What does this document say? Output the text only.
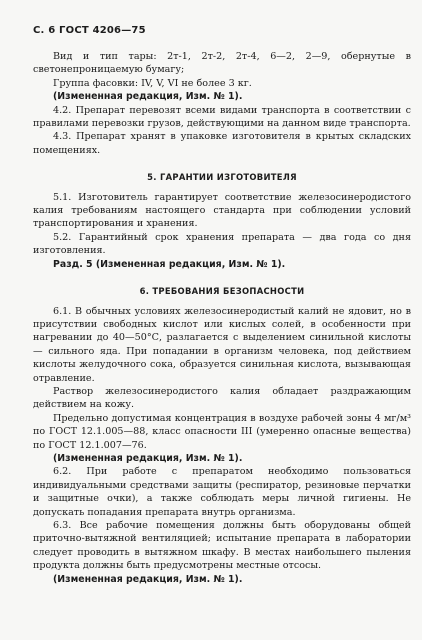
С. 6 ГОСТ 4206—75

Вид и тип тары: 2т-1, 2т-2, 2т-4, 6—2, 2—9, обернутые в светонепроницаемую бумагу;

Группа фасовки: IV, V, VI не более 3 кг.

(Измененная редакция, Изм. № 1).

4.2. Препарат перевозят всеми видами транспорта в соответствии с правилами перевозки грузов, действующими на данном виде транспорта.

4.3. Препарат хранят в упаковке изготовителя в крытых складских помещениях.

5. ГАРАНТИИ ИЗГОТОВИТЕЛЯ

5.1. Изготовитель гарантирует соответствие железосинеродистого калия требованиям настоящего стандарта при соблюдении условий транспортирования и хранения.

5.2. Гарантийный срок хранения препарата — два года со дня изготовления.

Разд. 5 (Измененная редакция, Изм. № 1).

6. ТРЕБОВАНИЯ БЕЗОПАСНОСТИ

6.1. В обычных условиях железосинеродистый калий не ядовит, но в присутствии свободных кислот или кислых солей, в особенности при нагревании до 40—50°С, разлагается с выделением синильной кислоты — сильного яда. При попадании в организм человека, под действием кислоты желудочного сока, образуется синильная кислота, вызывающая отравление.

Раствор железосинеродистого калия обладает раздражающим действием на кожу.

Предельно допустимая концентрация в воздухе рабочей зоны 4 мг/м³ по ГОСТ 12.1.005—88, класс опасности III (умеренно опасные вещества) по ГОСТ 12.1.007—76.

(Измененная редакция, Изм. № 1).

6.2. При работе с препаратом необходимо пользоваться индивидуальными средствами защиты (респиратор, резиновые перчатки и защитные очки), а также соблюдать меры личной гигиены. Не допускать попадания препарата внутрь организма.

6.3. Все рабочие помещения должны быть оборудованы общей приточно-вытяжной вентиляцией; испытание препарата в лаборатории следует проводить в вытяжном шкафу. В местах наибольшего пыления продукта должны быть предусмотрены местные отсосы.

(Измененная редакция, Изм. № 1).
